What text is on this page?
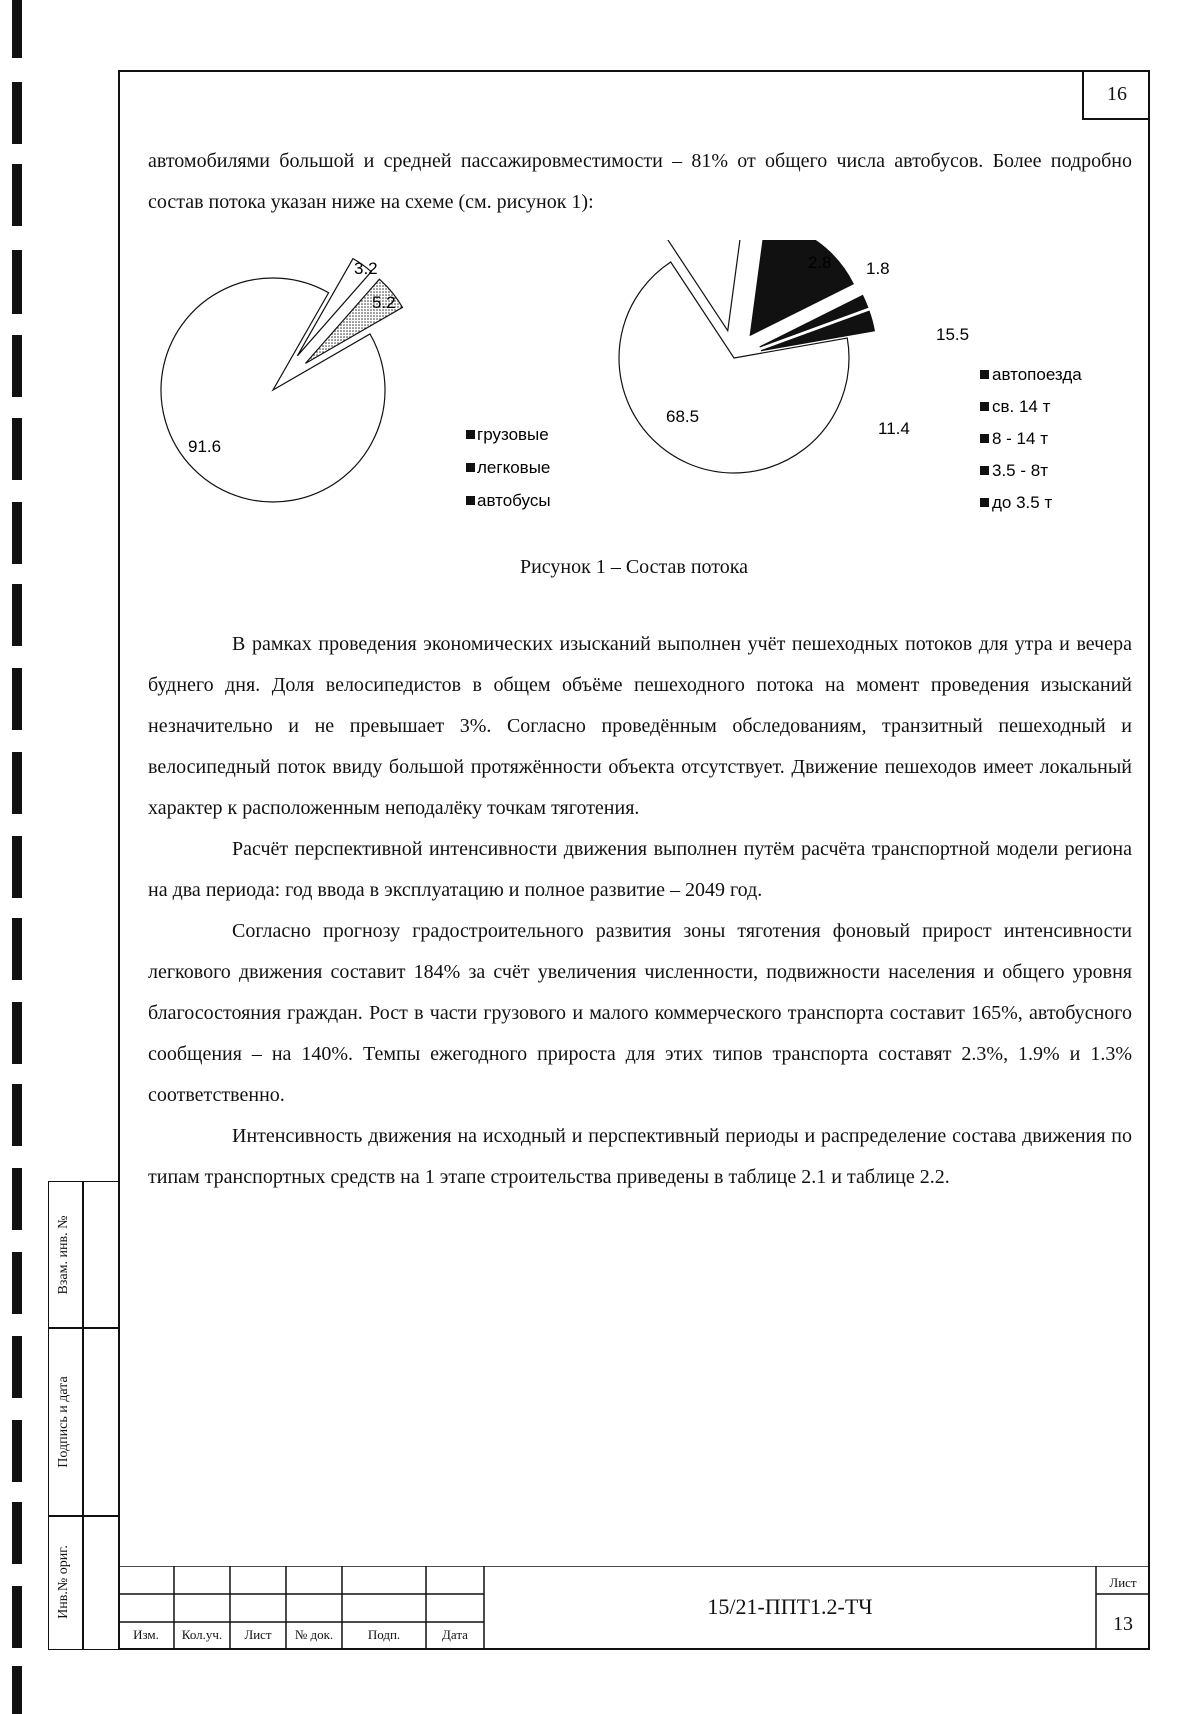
16

автомобилями большой и средней пассажировместимости – 81% от общего числа автобусов. Более подробно состав потока указан ниже на схеме (см. рисунок 1):

91.6
3.2
5.2
68.5
11.4
15.5
1.8
2.8
грузовые
легковые
автобусы
автопоезда
св. 14 т
8 - 14 т
3.5 - 8т
до 3.5 т
Рисунок 1 – Состав потока

В рамках проведения экономических изысканий выполнен учёт пешеходных потоков для утра и вечера буднего дня. Доля велосипедистов в общем объёме пешеходного потока на момент проведения изысканий незначительно и не превышает 3%. Согласно проведённым обследованиям, транзитный пешеходный и велосипедный поток ввиду большой протяжённости объекта отсутствует. Движение пешеходов имеет локальный характер к расположенным неподалёку точкам тяготения.

Расчёт перспективной интенсивности движения выполнен путём расчёта транспортной модели региона на два периода: год ввода в эксплуатацию и полное развитие – 2049 год.

Согласно прогнозу градостроительного развития зоны тяготения фоновый прирост интенсивности легкового движения составит 184% за счёт увеличения численности, подвижности населения и общего уровня благосостояния граждан. Рост в части грузового и малого коммерческого транспорта составит 165%, автобусного сообщения – на 140%. Темпы ежегодного прироста для этих типов транспорта составят 2.3%, 1.9% и 1.3% соответственно.

Интенсивность движения на исходный и перспективный периоды и распределение состава движения по типам транспортных средств на 1 этапе строительства приведены в таблице 2.1 и таблице 2.2.

Взам. инв. №
Подпись и дата
Инв.№ ориг.
Изм.	Кол.уч.	Лист	№ док.	Подп.	Дата
15/21-ППТ1.2-ТЧ
Лист
13
